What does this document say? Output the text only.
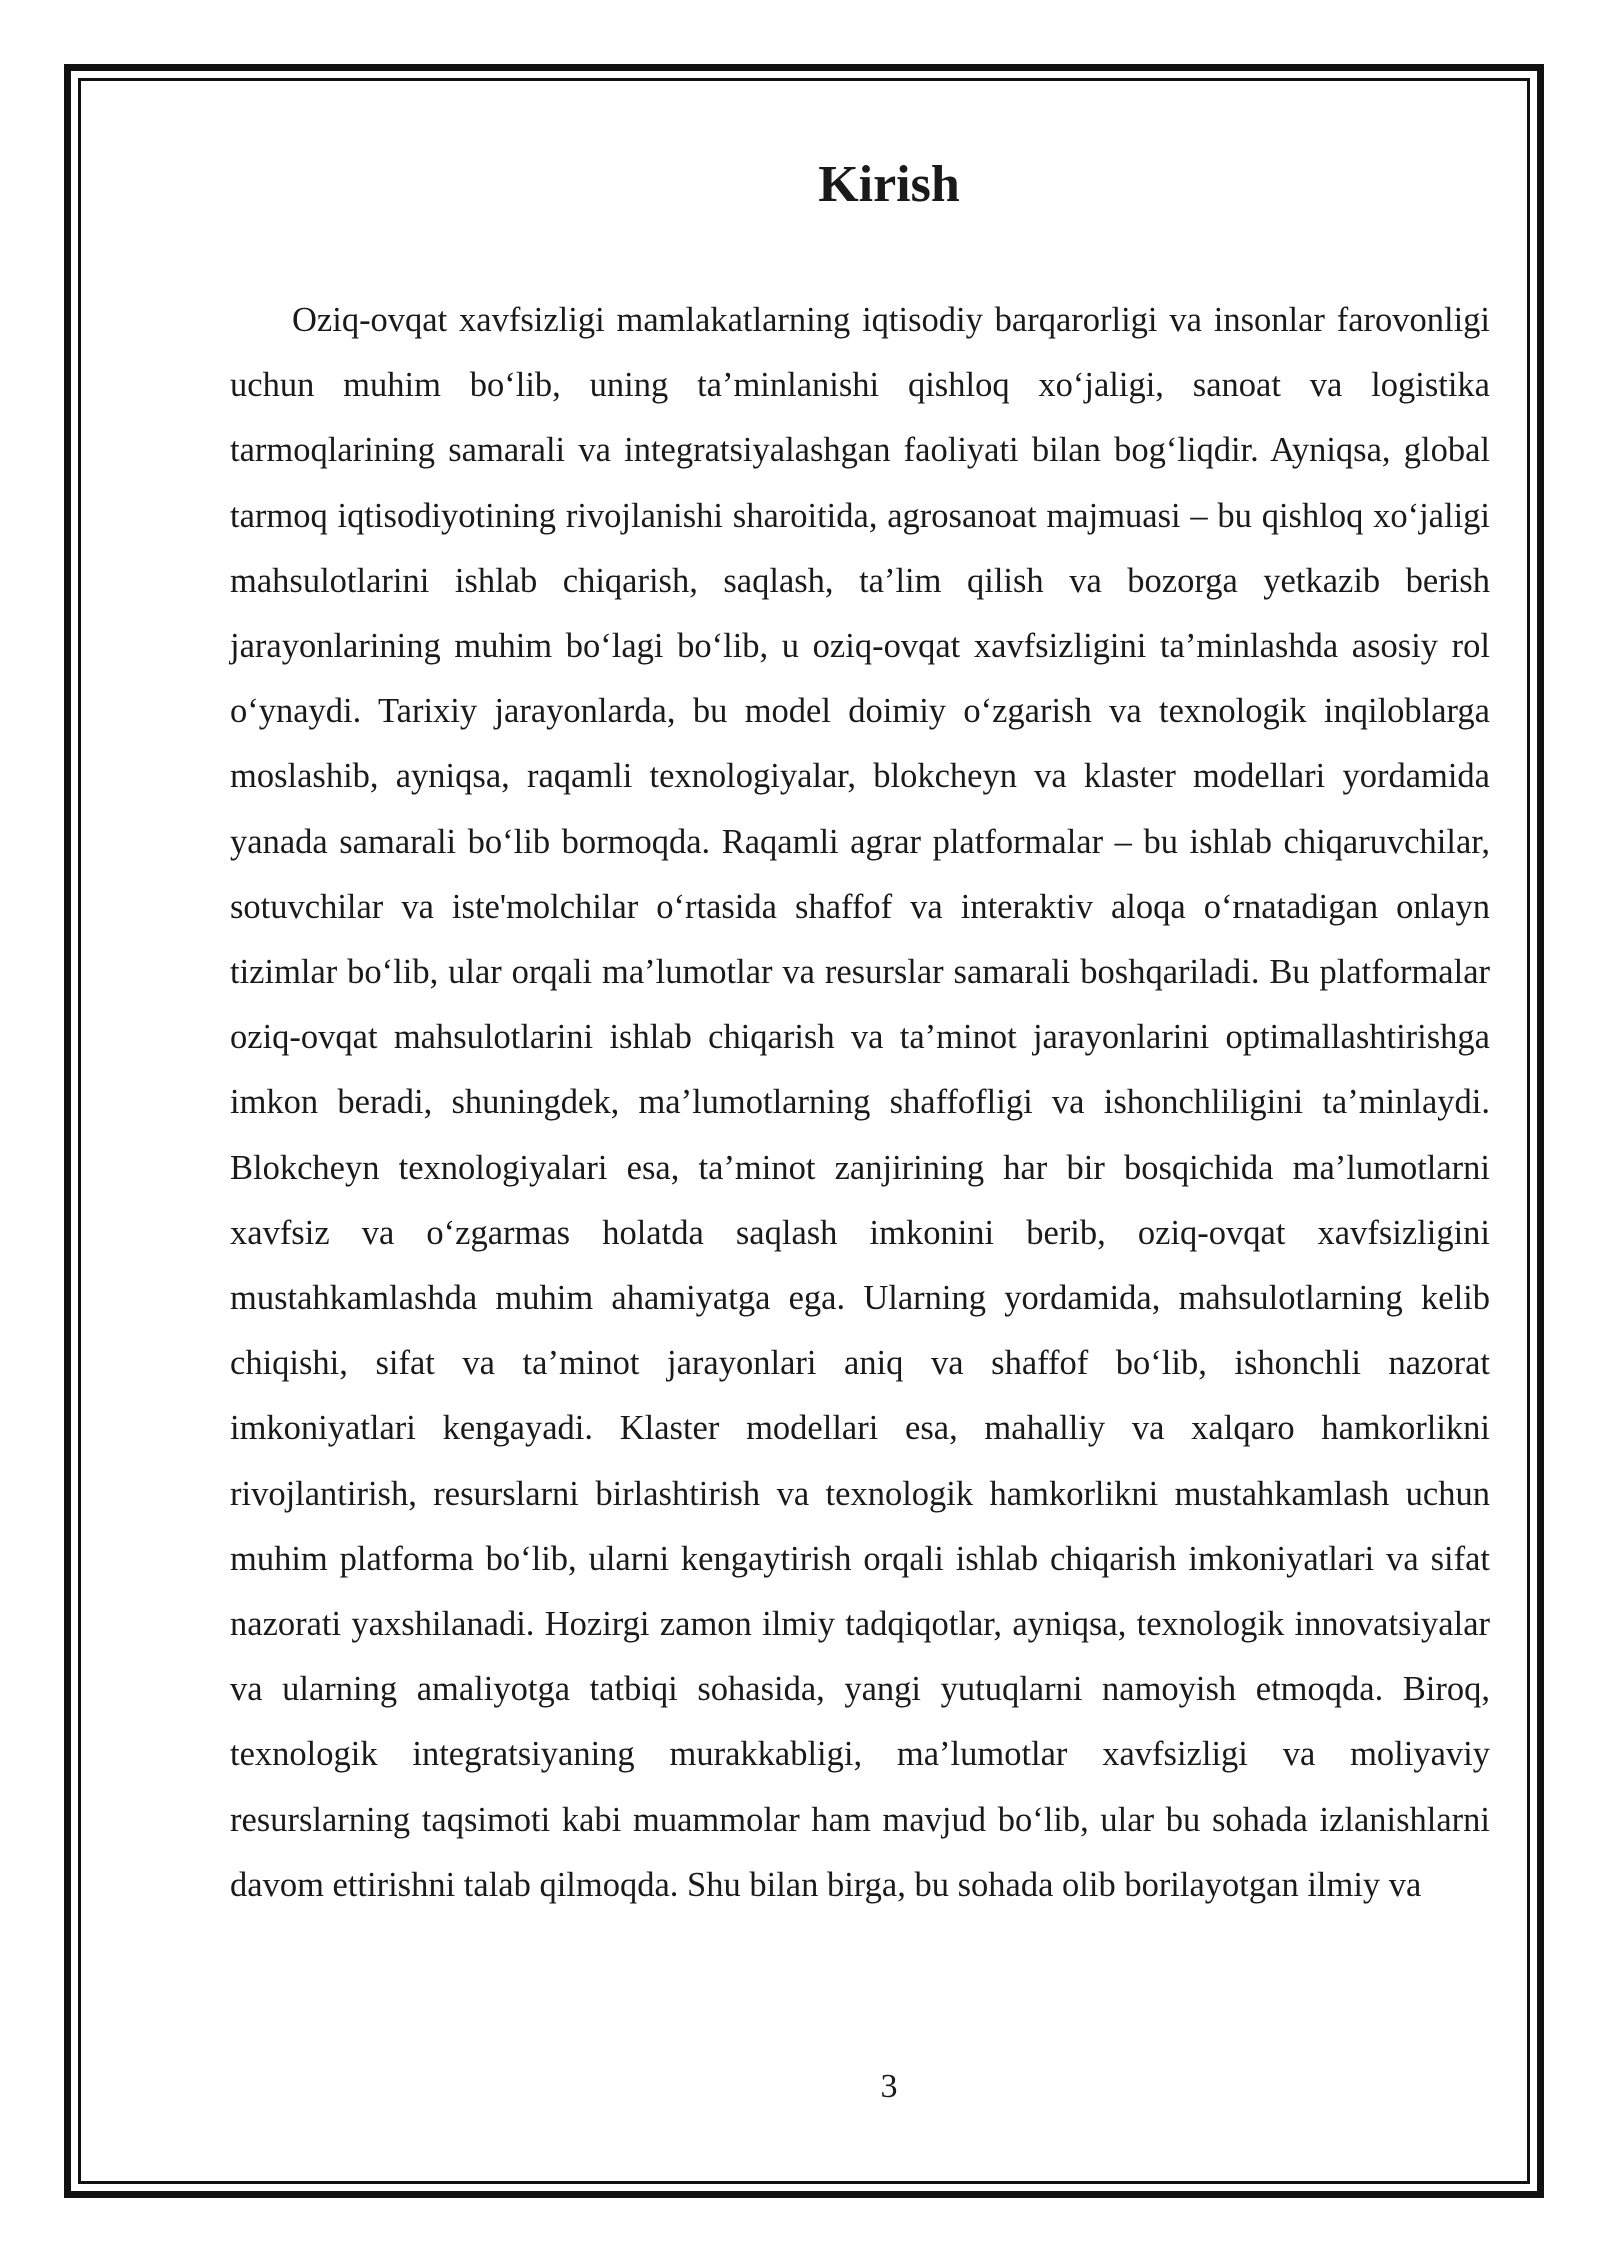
Kirish

Oziq-ovqat xavfsizligi mamlakatlarning iqtisodiy barqarorligi va insonlar farovonligi uchun muhim bo‘lib, uning ta’minlanishi qishloq xo‘jaligi, sanoat va logistika tarmoqlarining samarali va integratsiyalashgan faoliyati bilan bog‘liqdir. Ayniqsa, global tarmoq iqtisodiyotining rivojlanishi sharoitida, agrosanoat majmuasi – bu qishloq xo‘jaligi mahsulotlarini ishlab chiqarish, saqlash, ta’lim qilish va bozorga yetkazib berish jarayonlarining muhim bo‘lagi bo‘lib, u oziq-ovqat xavfsizligini ta’minlashda asosiy rol o‘ynaydi. Tarixiy jarayonlarda, bu model doimiy o‘zgarish va texnologik inqiloblarga moslashib, ayniqsa, raqamli texnologiyalar, blokcheyn va klaster modellari yordamida yanada samarali bo‘lib bormoqda. Raqamli agrar platformalar – bu ishlab chiqaruvchilar, sotuvchilar va iste'molchilar o‘rtasida shaffof va interaktiv aloqa o‘rnatadigan onlayn tizimlar bo‘lib, ular orqali ma’lumotlar va resurslar samarali boshqariladi. Bu platformalar oziq-ovqat mahsulotlarini ishlab chiqarish va ta’minot jarayonlarini optimallashtirishga imkon beradi, shuningdek, ma’lumotlarning shaffofligi va ishonchliligini ta’minlaydi. Blokcheyn texnologiyalari esa, ta’minot zanjirining har bir bosqichida ma’lumotlarni xavfsiz va o‘zgarmas holatda saqlash imkonini berib, oziq-ovqat xavfsizligini mustahkamlashda muhim ahamiyatga ega. Ularning yordamida, mahsulotlarning kelib chiqishi, sifat va ta’minot jarayonlari aniq va shaffof bo‘lib, ishonchli nazorat imkoniyatlari kengayadi. Klaster modellari esa, mahalliy va xalqaro hamkorlikni rivojlantirish, resurslarni birlashtirish va texnologik hamkorlikni mustahkamlash uchun muhim platforma bo‘lib, ularni kengaytirish orqali ishlab chiqarish imkoniyatlari va sifat nazorati yaxshilanadi. Hozirgi zamon ilmiy tadqiqotlar, ayniqsa, texnologik innovatsiyalar va ularning amaliyotga tatbiqi sohasida, yangi yutuqlarni namoyish etmoqda. Biroq, texnologik integratsiyaning murakkabligi, ma’lumotlar xavfsizligi va moliyaviy resurslarning taqsimoti kabi muammolar ham mavjud bo‘lib, ular bu sohada izlanishlarni davom ettirishni talab qilmoqda. Shu bilan birga, bu sohada olib borilayotgan ilmiy va

3
